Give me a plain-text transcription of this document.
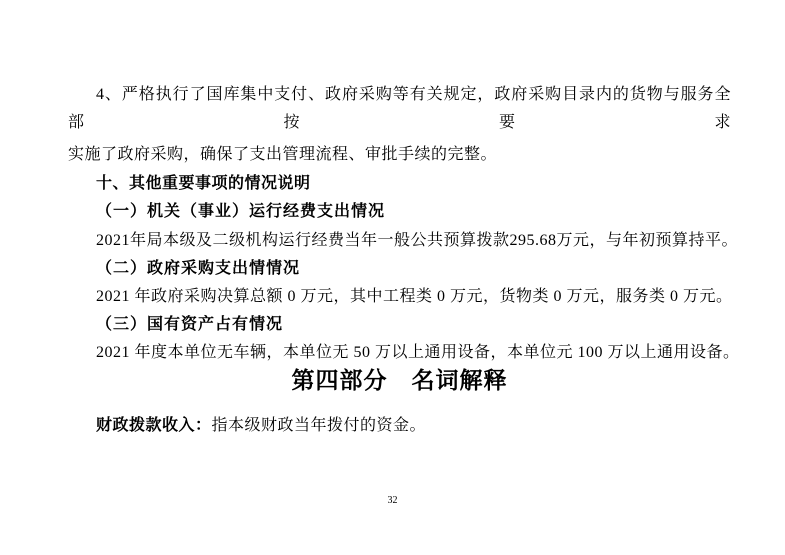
4、严格执行了国库集中支付、政府采购等有关规定，政府采购目录内的货物与服务全部按要求
实施了政府采购，确保了支出管理流程、审批手续的完整。
十、其他重要事项的情况说明
（一）机关（事业）运行经费支出情况
2021年局本级及二级机构运行经费当年一般公共预算拨款295.68万元，与年初预算持平。
（二）政府采购支出情情况
2021 年政府采购决算总额 0 万元，其中工程类 0 万元，货物类 0 万元，服务类 0 万元。
（三）国有资产占有情况
2021 年度本单位无车辆，本单位无 50 万以上通用设备，本单位元 100 万以上通用设备。
第四部分　名词解释
财政拨款收入：指本级财政当年拨付的资金。
32
